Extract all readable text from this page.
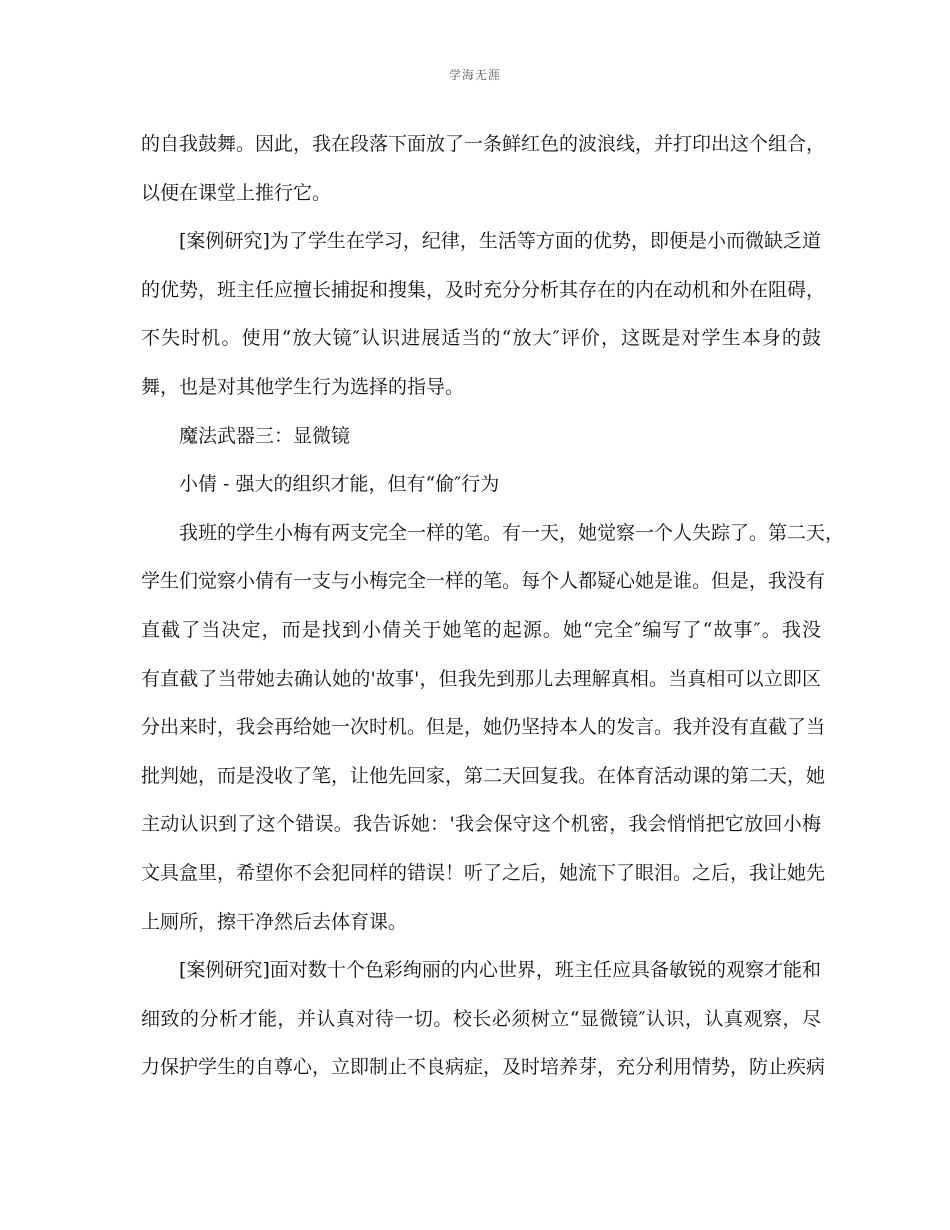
学海无涯
的自我鼓舞。因此，我在段落下面放了一条鲜红色的波浪线，并打印出这个组合，
以便在课堂上推行它。
[案例研究]为了学生在学习，纪律，生活等方面的优势，即便是小而微缺乏道
的优势，班主任应擅长捕捉和搜集，及时充分分析其存在的内在动机和外在阻碍，
不失时机。使用“放大镜″认识进展适当的“放大″评价，这既是对学生本身的鼓
舞，也是对其他学生行为选择的指导。
魔法武器三：显微镜
小倩 - 强大的组织才能，但有“偷″行为
我班的学生小梅有两支完全一样的笔。有一天，她觉察一个人失踪了。第二天，
学生们觉察小倩有一支与小梅完全一样的笔。每个人都疑心她是谁。但是，我没有
直截了当决定，而是找到小倩关于她笔的起源。她“完全″编写了“故事″。我没
有直截了当带她去确认她的'故事'，但我先到那儿去理解真相。当真相可以立即区
分出来时，我会再给她一次时机。但是，她仍坚持本人的发言。我并没有直截了当
批判她，而是没收了笔，让他先回家，第二天回复我。在体育活动课的第二天，她
主动认识到了这个错误。我告诉她：'我会保守这个机密，我会悄悄把它放回小梅
文具盒里，希望你不会犯同样的错误！听了之后，她流下了眼泪。之后，我让她先
上厕所，擦干净然后去体育课。
[案例研究]面对数十个色彩绚丽的内心世界，班主任应具备敏锐的观察才能和
细致的分析才能，并认真对待一切。校长必须树立“显微镜″认识，认真观察，尽
力保护学生的自尊心，立即制止不良病症，及时培养芽，充分利用情势，防止疾病
